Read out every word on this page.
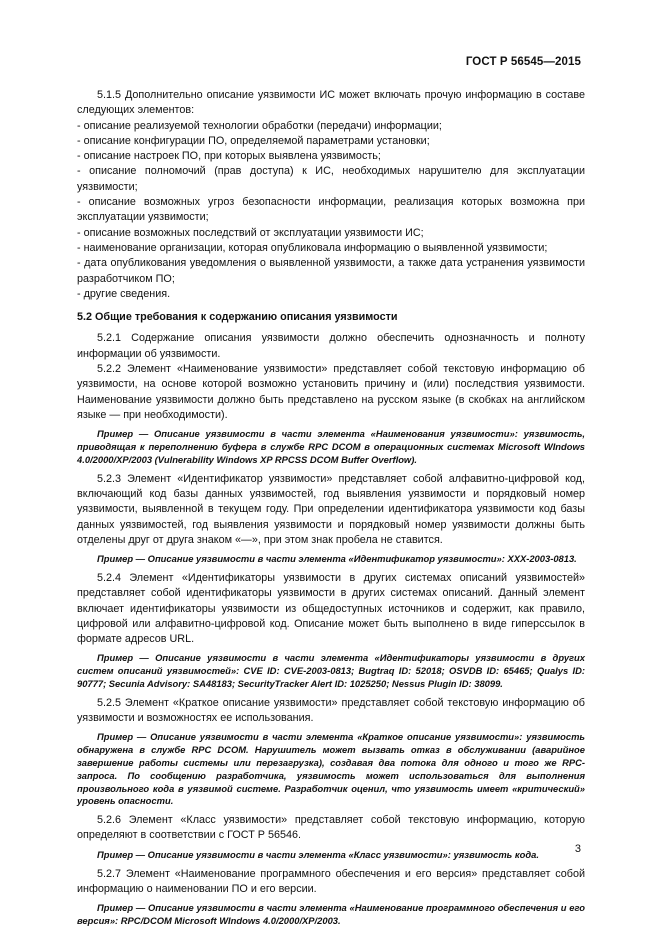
ГОСТ Р 56545—2015

5.1.5 Дополнительно описание уязвимости ИС может включать прочую информацию в составе следующих элементов:

- описание реализуемой технологии обработки (передачи) информации;

- описание конфигурации ПО, определяемой параметрами установки;

- описание настроек ПО, при которых выявлена уязвимость;

- описание полномочий (прав доступа) к ИС, необходимых нарушителю для эксплуатации уязвимости;

- описание возможных угроз безопасности информации, реализация которых возможна при эксплуатации уязвимости;

- описание возможных последствий от эксплуатации уязвимости ИС;

- наименование организации, которая опубликовала информацию о выявленной уязвимости;

- дата опубликования уведомления о выявленной уязвимости, а также дата устранения уязвимости разработчиком ПО;

- другие сведения.

5.2 Общие требования к содержанию описания уязвимости

5.2.1 Содержание описания уязвимости должно обеспечить однозначность и полноту информации об уязвимости.

5.2.2 Элемент «Наименование уязвимости» представляет собой текстовую информацию об уязвимости, на основе которой возможно установить причину и (или) последствия уязвимости. Наименование уязвимости должно быть представлено на русском языке (в скобках на английском языке — при необходимости).

Пример — Описание уязвимости в части элемента «Наименования уязвимости»: уязвимость, приводящая к переполнению буфера в службе RPC DCOM в операционных системах Microsoft WIndows 4.0/2000/XP/2003 (Vulnerability Windows XP RPCSS DCOM Buffer Overflow).

5.2.3 Элемент «Идентификатор уязвимости» представляет собой алфавитно-цифровой код, включающий код базы данных уязвимостей, год выявления уязвимости и порядковый номер уязвимости, выявленной в текущем году. При определении идентификатора уязвимости код базы данных уязвимостей, год выявления уязвимости и порядковый номер уязвимости должны быть отделены друг от друга знаком «—», при этом знак пробела не ставится.

Пример — Описание уязвимости в части элемента «Идентификатор уязвимости»: XXX-2003-0813.

5.2.4 Элемент «Идентификаторы уязвимости в других системах описаний уязвимостей» представляет собой идентификаторы уязвимости в других системах описаний. Данный элемент включает идентификаторы уязвимости из общедоступных источников и содержит, как правило, цифровой или алфавитно-цифровой код. Описание может быть выполнено в виде гиперссылок в формате адресов URL.

Пример — Описание уязвимости в части элемента «Идентификаторы уязвимости в других систем описаний уязвимостей»: CVE ID: CVE-2003-0813; Bugtraq ID: 52018; OSVDB ID: 65465; Qualys ID: 90777; Secunia Advisory: SA48183; SecurityTracker Alert ID: 1025250; Nessus Plugin ID: 38099.

5.2.5 Элемент «Краткое описание уязвимости» представляет собой текстовую информацию об уязвимости и возможностях ее использования.

Пример — Описание уязвимости в части элемента «Краткое описание уязвимости»: уязвимость обнаружена в службе RPC DCOM. Нарушитель может вызвать отказ в обслуживании (аварийное завершение работы системы или перезагрузка), создавая два потока для одного и того же RPC-запроса. По сообщению разработчика, уязвимость может использоваться для выполнения произвольного кода в уязвимой системе. Разработчик оценил, что уязвимость имеет «критический» уровень опасности.

5.2.6 Элемент «Класс уязвимости» представляет собой текстовую информацию, которую определяют в соответствии с ГОСТ Р 56546.

Пример — Описание уязвимости в части элемента «Класс уязвимости»: уязвимость кода.

5.2.7 Элемент «Наименование программного обеспечения и его версия» представляет собой информацию о наименовании ПО и его версии.

Пример — Описание уязвимости в части элемента «Наименование программного обеспечения и его версия»: RPC/DCOM Microsoft WIndows 4.0/2000/XP/2003.

3
